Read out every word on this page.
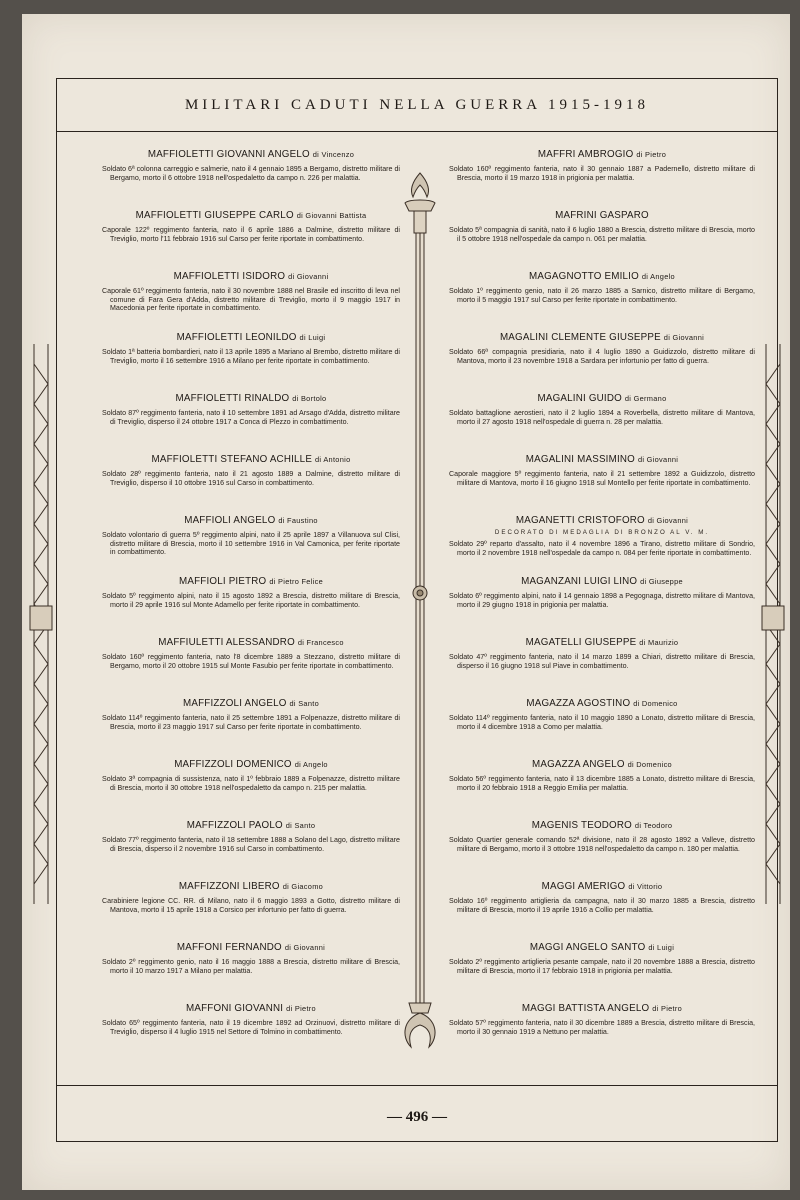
MILITARI CADUTI NELLA GUERRA 1915-1918
MAFFIOLETTI GIOVANNI ANGELO di Vincenzo

Soldato 6ª colonna carreggio e salmerie, nato il 4 gennaio 1895 a Bergamo, distretto militare di Bergamo, morto il 6 ottobre 1918 nell'ospedaletto da campo n. 226 per malattia.

MAFFIOLETTI GIUSEPPE CARLO di Giovanni Battista

Caporale 122º reggimento fanteria, nato il 6 aprile 1886 a Dalmine, distretto militare di Treviglio, morto l'11 febbraio 1916 sul Carso per ferite riportate in combattimento.

MAFFIOLETTI ISIDORO di Giovanni

Caporale 61º reggimento fanteria, nato il 30 novembre 1888 nel Brasile ed inscritto di leva nel comune di Fara Gera d'Adda, distretto militare di Treviglio, morto il 9 maggio 1917 in Macedonia per ferite riportate in combattimento.

MAFFIOLETTI LEONILDO di Luigi

Soldato 1ª batteria bombardieri, nato il 13 aprile 1895 a Mariano al Brembo, distretto militare di Treviglio, morto il 16 settembre 1916 a Milano per ferite riportate in combattimento.

MAFFIOLETTI RINALDO di Bortolo

Soldato 87º reggimento fanteria, nato il 10 settembre 1891 ad Arsago d'Adda, distretto militare di Treviglio, disperso il 24 ottobre 1917 a Conca di Plezzo in combattimento.

MAFFIOLETTI STEFANO ACHILLE di Antonio

Soldato 28º reggimento fanteria, nato il 21 agosto 1889 a Dalmine, distretto militare di Treviglio, disperso il 10 ottobre 1916 sul Carso in combattimento.

MAFFIOLI ANGELO di Faustino

Soldato volontario di guerra 5º reggimento alpini, nato il 25 aprile 1897 a Villanuova sul Clisi, distretto militare di Brescia, morto il 10 settembre 1916 in Val Camonica, per ferite riportate in combattimento.

MAFFIOLI PIETRO di Pietro Felice

Soldato 5º reggimento alpini, nato il 15 agosto 1892 a Brescia, distretto militare di Brescia, morto il 29 aprile 1916 sul Monte Adamello per ferite riportate in combattimento.

MAFFIULETTI ALESSANDRO di Francesco

Soldato 160º reggimento fanteria, nato l'8 dicembre 1889 a Stezzano, distretto militare di Bergamo, morto il 20 ottobre 1915 sul Monte Fasubio per ferite riportate in combattimento.

MAFFIZZOLI ANGELO di Santo

Soldato 114º reggimento fanteria, nato il 25 settembre 1891 a Folpenazze, distretto militare di Brescia, morto il 23 maggio 1917 sul Carso per ferite riportate in combattimento.

MAFFIZZOLI DOMENICO di Angelo

Soldato 3ª compagnia di sussistenza, nato il 1º febbraio 1889 a Folpenazze, distretto militare di Brescia, morto il 30 ottobre 1918 nell'ospedaletto da campo n. 215 per malattia.

MAFFIZZOLI PAOLO di Santo

Soldato 77º reggimento fanteria, nato il 18 settembre 1888 a Solano del Lago, distretto militare di Brescia, disperso il 2 novembre 1916 sul Carso in combattimento.

MAFFIZZONI LIBERO di Giacomo

Carabiniere legione CC. RR. di Milano, nato il 6 maggio 1893 a Gotto, distretto militare di Mantova, morto il 15 aprile 1918 a Corsico per infortunio per fatto di guerra.

MAFFONI FERNANDO di Giovanni

Soldato 2º reggimento genio, nato il 16 maggio 1888 a Brescia, distretto militare di Brescia, morto il 10 marzo 1917 a Milano per malattia.

MAFFONI GIOVANNI di Pietro

Soldato 65º reggimento fanteria, nato il 19 dicembre 1892 ad Orzinuovi, distretto militare di Treviglio, disperso il 4 luglio 1915 nel Settore di Tolmino in combattimento.

MAFFRI AMBROGIO di Pietro

Soldato 160º reggimento fanteria, nato il 30 gennaio 1887 a Padernello, distretto militare di Brescia, morto il 19 marzo 1918 in prigionia per malattia.

MAFRINI GASPARO

Soldato 5ª compagnia di sanità, nato il 6 luglio 1880 a Brescia, distretto militare di Brescia, morto il 5 ottobre 1918 nell'ospedale da campo n. 061 per malattia.

MAGAGNOTTO EMILIO di Angelo

Soldato 1º reggimento genio, nato il 26 marzo 1885 a Sarnico, distretto militare di Bergamo, morto il 5 maggio 1917 sul Carso per ferite riportate in combattimento.

MAGALINI CLEMENTE GIUSEPPE di Giovanni

Soldato 66ª compagnia presidiaria, nato il 4 luglio 1890 a Guidizzolo, distretto militare di Mantova, morto il 23 novembre 1918 a Sardara per infortunio per fatto di guerra.

MAGALINI GUIDO di Germano

Soldato battaglione aerostieri, nato il 2 luglio 1894 a Roverbella, distretto militare di Mantova, morto il 27 agosto 1918 nell'ospedale di guerra n. 28 per malattia.

MAGALINI MASSIMINO di Giovanni

Caporale maggiore 5º reggimento fanteria, nato il 21 settembre 1892 a Guidizzolo, distretto militare di Mantova, morto il 16 giugno 1918 sul Montello per ferite riportate in combattimento.

MAGANETTI CRISTOFORO di Giovanni
DECORATO DI MEDAGLIA DI BRONZO AL V. M.

Soldato 29º reparto d'assalto, nato il 4 novembre 1896 a Tirano, distretto militare di Sondrio, morto il 2 novembre 1918 nell'ospedale da campo n. 084 per ferite riportate in combattimento.

MAGANZANI LUIGI LINO di Giuseppe

Soldato 6º reggimento alpini, nato il 14 gennaio 1898 a Pegognaga, distretto militare di Mantova, morto il 29 giugno 1918 in prigionia per malattia.

MAGATELLI GIUSEPPE di Maurizio

Soldato 47º reggimento fanteria, nato il 14 marzo 1899 a Chiari, distretto militare di Brescia, disperso il 16 giugno 1918 sul Piave in combattimento.

MAGAZZA AGOSTINO di Domenico

Soldato 114º reggimento fanteria, nato il 10 maggio 1890 a Lonato, distretto militare di Brescia, morto il 4 dicembre 1918 a Como per malattia.

MAGAZZA ANGELO di Domenico

Soldato 56º reggimento fanteria, nato il 13 dicembre 1885 a Lonato, distretto militare di Brescia, morto il 20 febbraio 1918 a Reggio Emilia per malattia.

MAGENIS TEODORO di Teodoro

Soldato Quartier generale comando 52ª divisione, nato il 28 agosto 1892 a Valleve, distretto militare di Bergamo, morto il 3 ottobre 1918 nell'ospedaletto da campo n. 180 per malattia.

MAGGI AMERIGO di Vittorio

Soldato 16º reggimento artiglieria da campagna, nato il 30 marzo 1885 a Brescia, distretto militare di Brescia, morto il 19 aprile 1916 a Collio per malattia.

MAGGI ANGELO SANTO di Luigi

Soldato 2º reggimento artiglieria pesante campale, nato il 20 novembre 1888 a Brescia, distretto militare di Brescia, morto il 17 febbraio 1918 in prigionia per malattia.

MAGGI BATTISTA ANGELO di Pietro

Soldato 57º reggimento fanteria, nato il 30 dicembre 1889 a Brescia, distretto militare di Brescia, morto il 30 gennaio 1919 a Nettuno per malattia.

— 496 —
